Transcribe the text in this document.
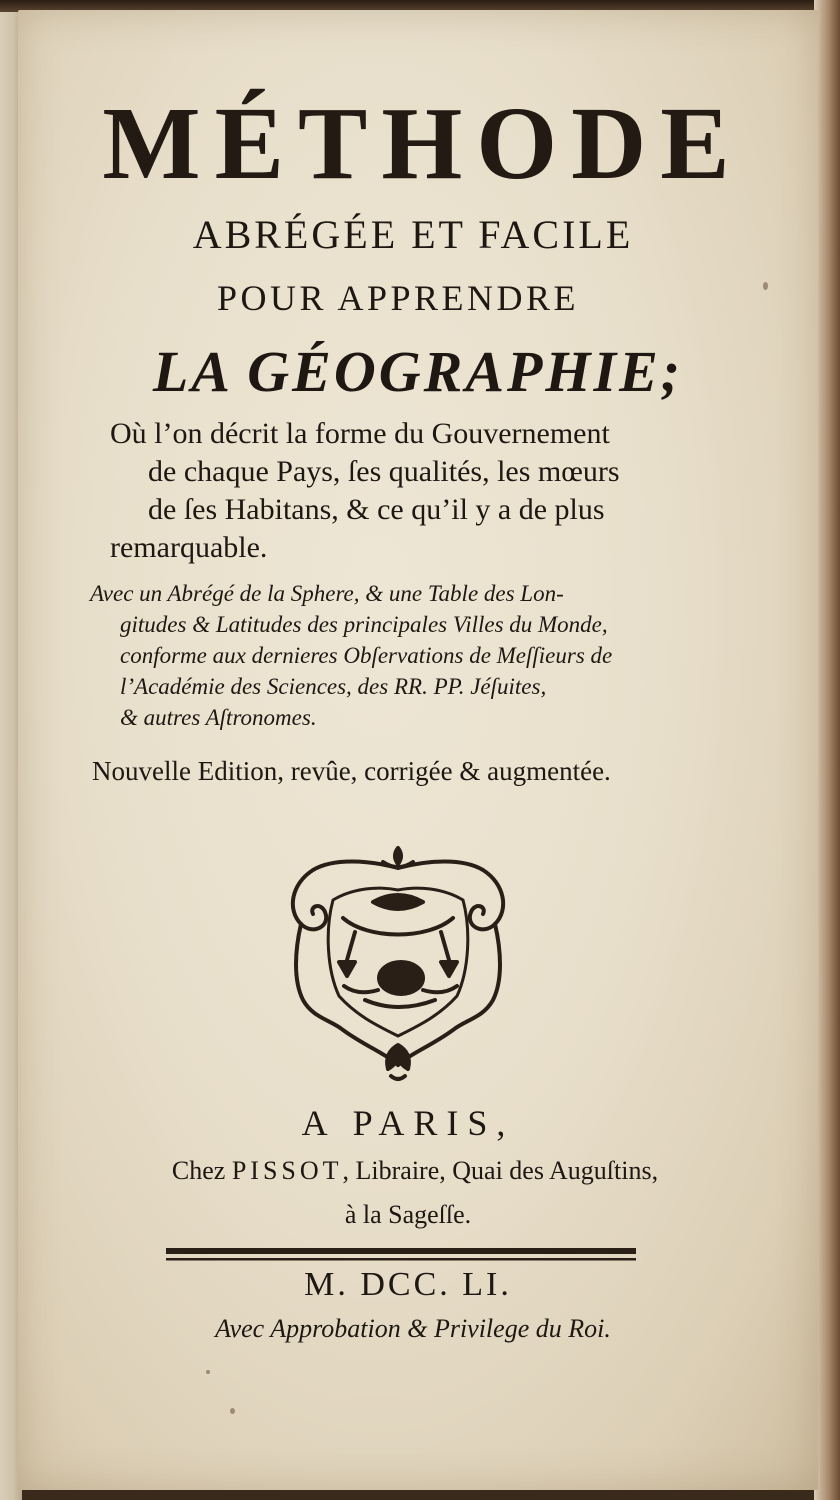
MÉTHODE
ABRÉGÉE ET FACILE
POUR APPRENDRE
LA GÉOGRAPHIE;
Où l’on décrit la forme du Gouvernement
de chaque Pays, ſes qualités, les mœurs
de ſes Habitans, & ce qu’il y a de plus
remarquable.
Avec un Abrégé de la Sphere, & une Table des Lon-
gitudes & Latitudes des principales Villes du Monde,
conforme aux dernieres Obſervations de Meſſieurs de
l’Académie des Sciences, des RR. PP. Jéſuites,
& autres Aſtronomes.
Nouvelle Edition, revûe, corrigée & augmentée.
A PARIS,
Chez PISSOT, Libraire, Quai des Auguſtins,
à la Sageſſe.
M. DCC. LI.
Avec Approbation & Privilege du Roi.
